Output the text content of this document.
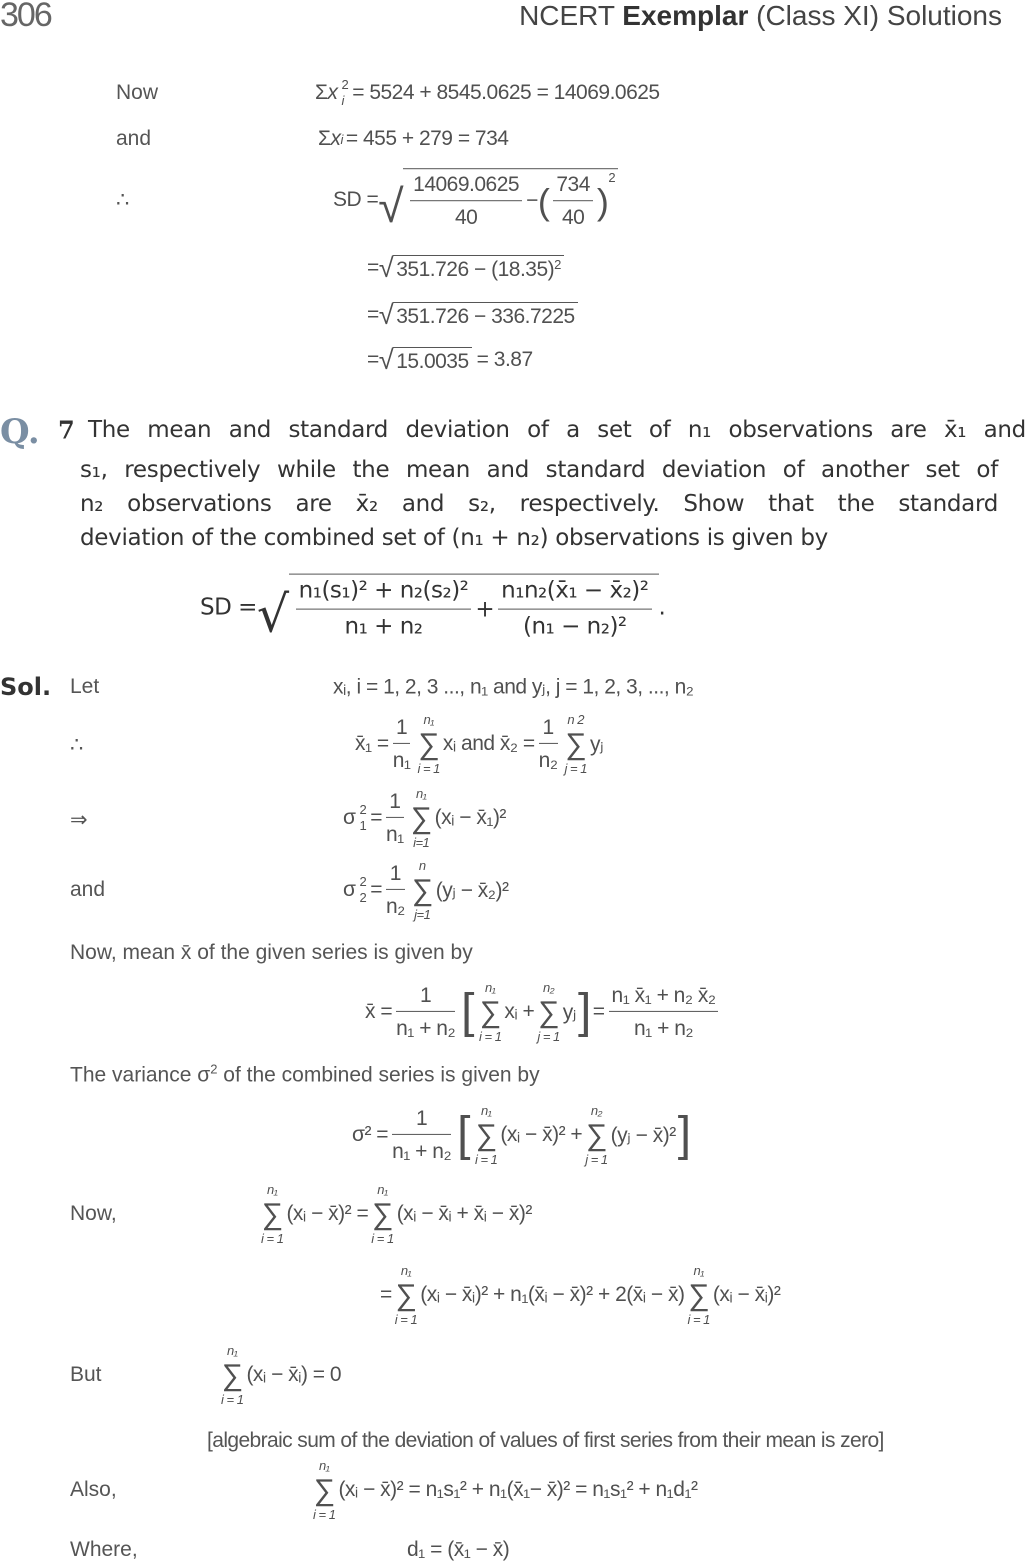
306	NCERT Exemplar (Class XI) Solutions
Now	Σ x 2
i = 5524 + 8545.0625 = 14069.0625
and	Σ x i = 455 + 279 = 734
∴	SD = √ $\frac{14069.0625}{40}$ − ( $\frac{734}{40}$ )
$^2$
= √ $351.726 - (18.35)^2$
= √ 351.726 − 336.7225
= √ 15.0035 = 3.87
Q. 7 The mean and standard deviation of a set of n₁ observations are x̄₁ and
s₁, respectively while the mean and standard deviation of another set of
n₂ observations are x̄₂ and s₂, respectively. Show that the standard
deviation of the combined set of (n₁ + n₂) observations is given by
SD = √ $\frac{\text{n₁(s₁)² + n₂(s₂)²}}{\text{n₁ + n₂}} + \frac{\text{n₁n₂(x̄₁ − x̄₂)²}}{\text{(n₁ − n₂)²}}$ .
Sol. Let	xᵢ, i = 1, 2, 3 ..., n₁ and yⱼ, j = 1, 2, 3, ..., n₂
∴	x̄₁ = $\frac{1}{\text{n₁}} n_1$
∑
i = 1
xᵢ and x̄₂ = $\frac{1}{\text{n₂}}$ n 2
∑
j = 1
yⱼ
⇒	σ 2
$1 = \frac{1}{\text{n₁}} n_1$
∑
i=1
(xᵢ − x̄₁)²
and	σ 2
$2 = \frac{1}{\text{n₂}}$ n
∑
j=1
(yⱼ − x̄₂)²
Now, mean x̄ of the given series is given by
x̄ = $\frac{1}{\text{n₁ + n₂}}$ [ n₁
∑
i = 1
xᵢ +
n₂
∑
j = 1
yⱼ ] = $\frac{\text{n₁ x̄₁ + n₂ x̄₂}}{\text{n₁ + n₂}}$
The variance $\sigma^2$ of the combined series is given by
$\sigma^2 = \frac{1}{\text{n₁ + n₂}}$ [ n₁
∑
i = 1
(xᵢ − x̄)² +
n₂
∑
j = 1
(yⱼ − x̄)² ]
Now,
n₁
∑
i = 1
(xᵢ − x̄)² =
n₁
∑
i = 1
(xᵢ − x̄ᵢ + x̄ᵢ − x̄)²
=
n₁
∑
i = 1
(xᵢ − x̄ᵢ)² + n₁(x̄ᵢ − x̄)² + 2(x̄ᵢ − x̄)
n₁
∑
i = 1
(xᵢ − x̄ᵢ)²
But
n₁
∑
i = 1
(xᵢ − x̄ᵢ) = 0
[algebraic sum of the deviation of values of first series from their mean is zero]
Also,
n₁
∑
i = 1
(xᵢ − x̄)² = n₁s₁² + n₁(x̄₁− x̄)² = n₁s₁² + n₁d₁²
Where,	d₁ = (x̄₁ − x̄)
